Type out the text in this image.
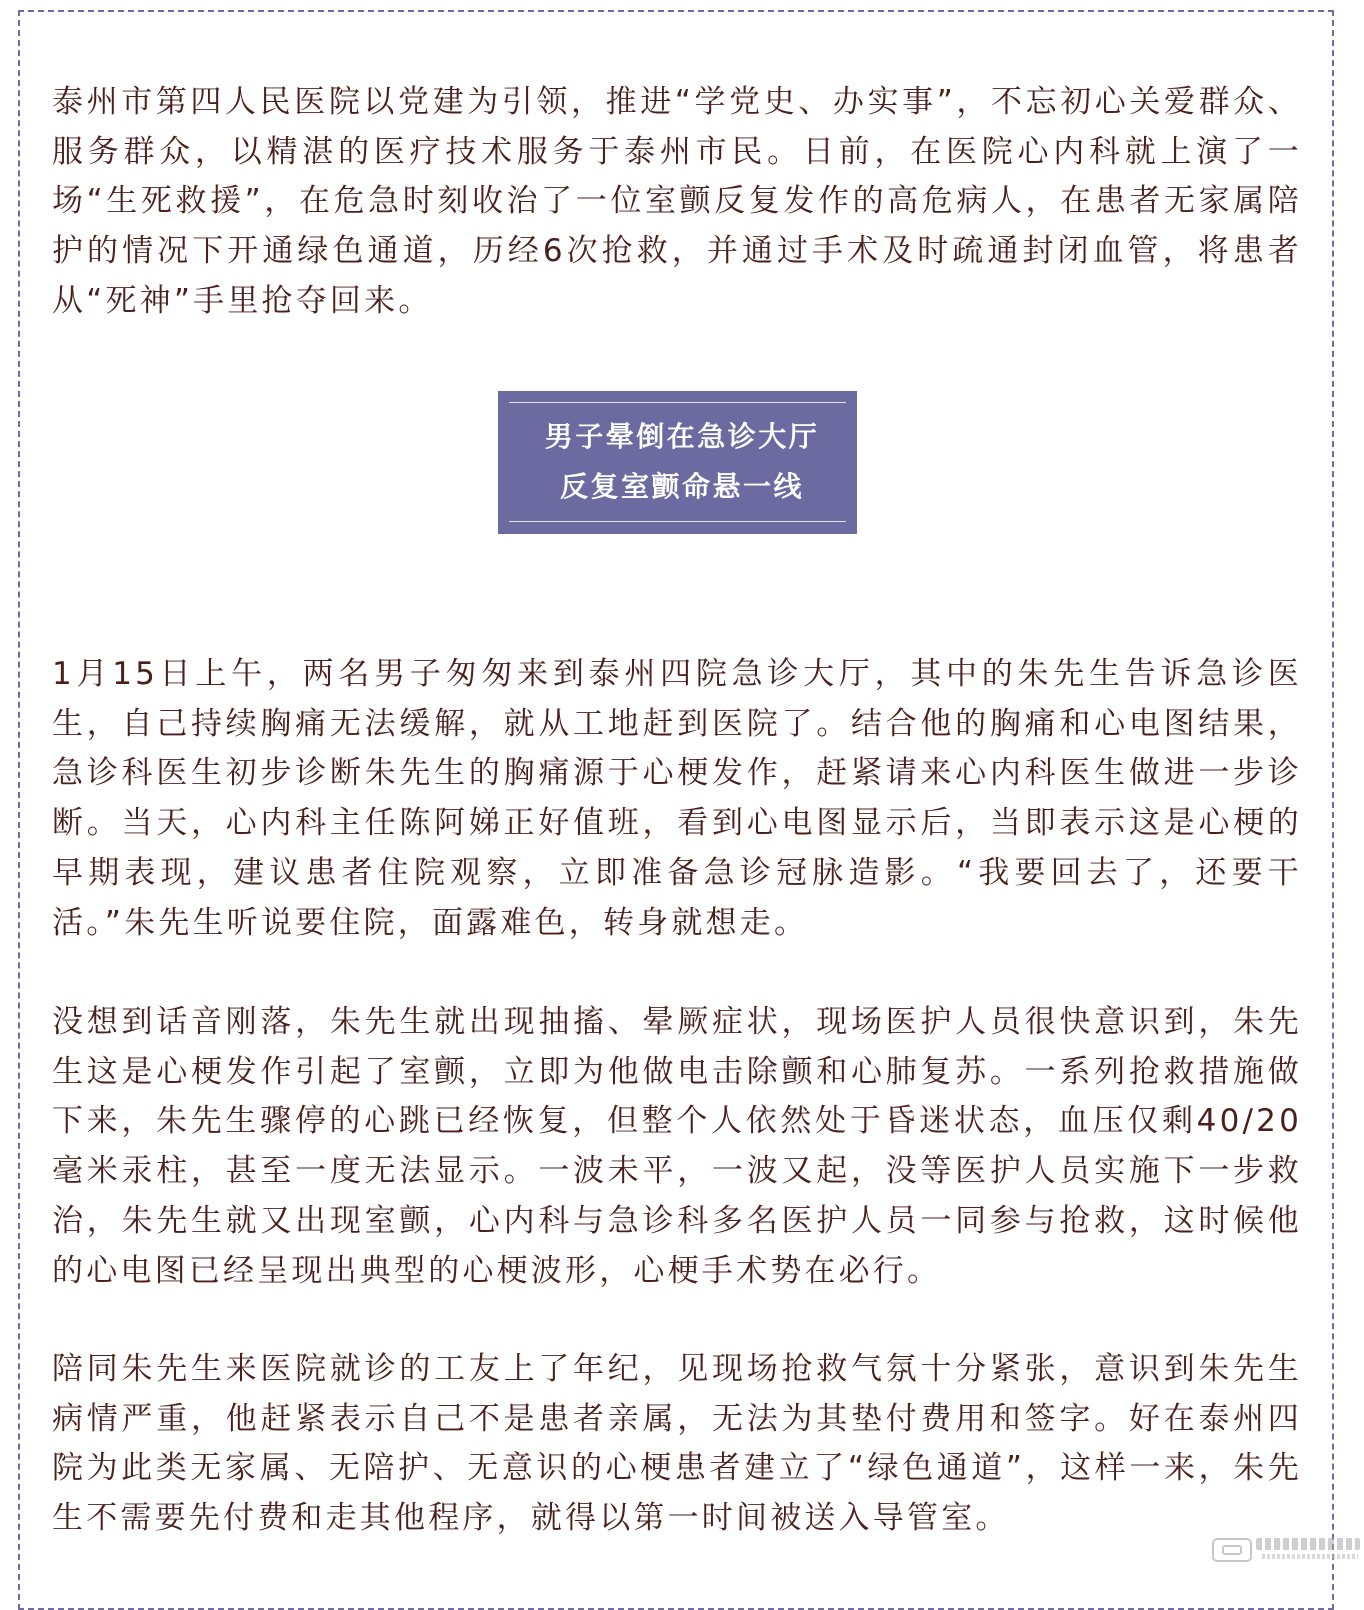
泰州市第四人民医院以党建为引领，推进“学党史、办实事”，不忘初心关爱群众、服务群众，以精湛的医疗技术服务于泰州市民。日前，在医院心内科就上演了一场“生死救援”，在危急时刻收治了一位室颤反复发作的高危病人，在患者无家属陪护的情况下开通绿色通道，历经6次抢救，并通过手术及时疏通封闭血管，将患者从“死神”手里抢夺回来。

男子晕倒在急诊大厅
反复室颤命悬一线

1月15日上午，两名男子匆匆来到泰州四院急诊大厅，其中的朱先生告诉急诊医生，自己持续胸痛无法缓解，就从工地赶到医院了。结合他的胸痛和心电图结果，急诊科医生初步诊断朱先生的胸痛源于心梗发作，赶紧请来心内科医生做进一步诊断。当天，心内科主任陈阿娣正好值班，看到心电图显示后，当即表示这是心梗的早期表现，建议患者住院观察，立即准备急诊冠脉造影。“我要回去了，还要干活。”朱先生听说要住院，面露难色，转身就想走。

没想到话音刚落，朱先生就出现抽搐、晕厥症状，现场医护人员很快意识到，朱先生这是心梗发作引起了室颤，立即为他做电击除颤和心肺复苏。一系列抢救措施做下来，朱先生骤停的心跳已经恢复，但整个人依然处于昏迷状态，血压仅剩40/20毫米汞柱，甚至一度无法显示。一波未平，一波又起，没等医护人员实施下一步救治，朱先生就又出现室颤，心内科与急诊科多名医护人员一同参与抢救，这时候他的心电图已经呈现出典型的心梗波形，心梗手术势在必行。

陪同朱先生来医院就诊的工友上了年纪，见现场抢救气氛十分紧张，意识到朱先生病情严重，他赶紧表示自己不是患者亲属，无法为其垫付费用和签字。好在泰州四院为此类无家属、无陪护、无意识的心梗患者建立了“绿色通道”，这样一来，朱先生不需要先付费和走其他程序，就得以第一时间被送入导管室。
